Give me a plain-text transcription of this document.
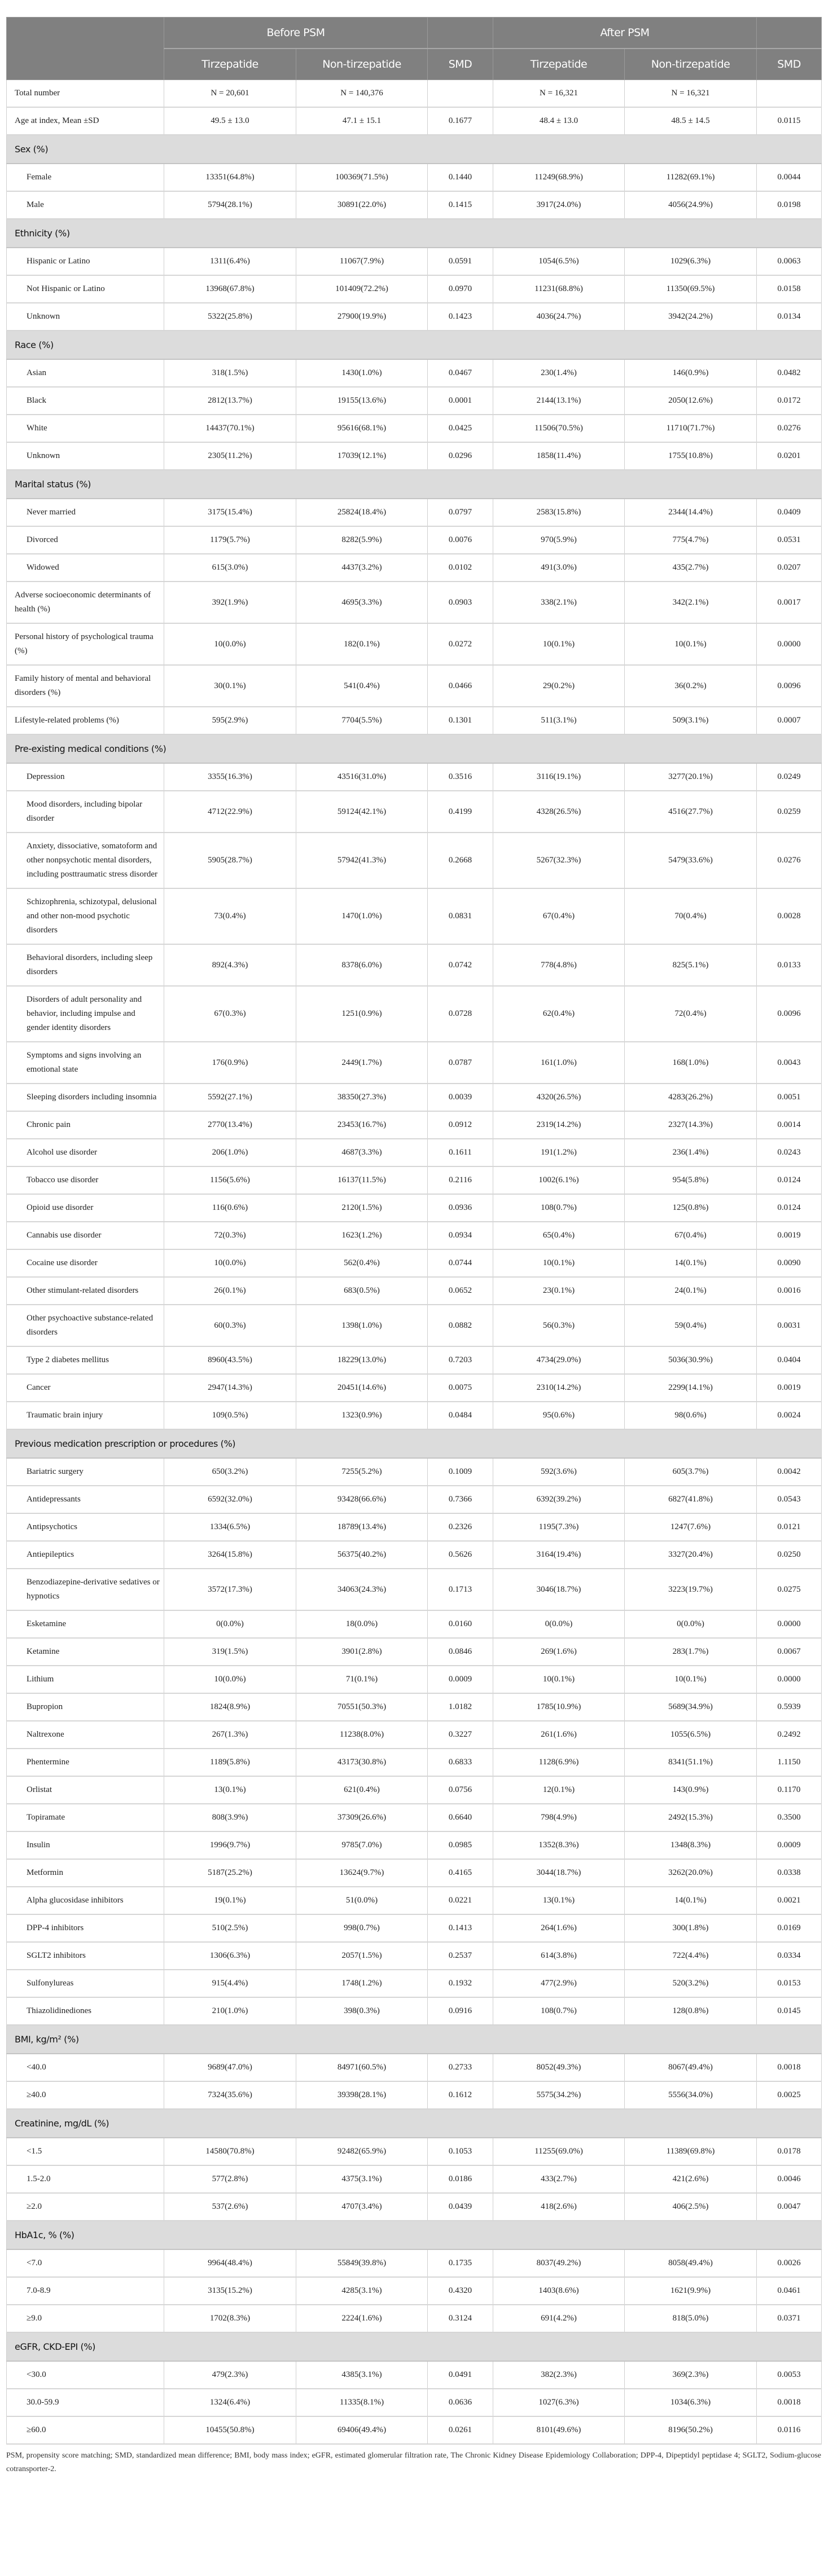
	Before PSM			After PSM		
	Tirzepatide	Non-tirzepatide	SMD	Tirzepatide	Non-tirzepatide	SMD
Total number	N = 20,601	N = 140,376		N = 16,321	N = 16,321	
Age at index, Mean ±SD	49.5 ± 13.0	47.1 ± 15.1	0.1677	48.4 ± 13.0	48.5 ± 14.5	0.0115
Sex (%)						
Female	13351(64.8%)	100369(71.5%)	0.1440	11249(68.9%)	11282(69.1%)	0.0044
Male	5794(28.1%)	30891(22.0%)	0.1415	3917(24.0%)	4056(24.9%)	0.0198
Ethnicity (%)						
Hispanic or Latino	1311(6.4%)	11067(7.9%)	0.0591	1054(6.5%)	1029(6.3%)	0.0063
Not Hispanic or Latino	13968(67.8%)	101409(72.2%)	0.0970	11231(68.8%)	11350(69.5%)	0.0158
Unknown	5322(25.8%)	27900(19.9%)	0.1423	4036(24.7%)	3942(24.2%)	0.0134
Race (%)						
Asian	318(1.5%)	1430(1.0%)	0.0467	230(1.4%)	146(0.9%)	0.0482
Black	2812(13.7%)	19155(13.6%)	0.0001	2144(13.1%)	2050(12.6%)	0.0172
White	14437(70.1%)	95616(68.1%)	0.0425	11506(70.5%)	11710(71.7%)	0.0276
Unknown	2305(11.2%)	17039(12.1%)	0.0296	1858(11.4%)	1755(10.8%)	0.0201
Marital status (%)						
Never married	3175(15.4%)	25824(18.4%)	0.0797	2583(15.8%)	2344(14.4%)	0.0409
Divorced	1179(5.7%)	8282(5.9%)	0.0076	970(5.9%)	775(4.7%)	0.0531
Widowed	615(3.0%)	4437(3.2%)	0.0102	491(3.0%)	435(2.7%)	0.0207
Adverse socioeconomic determinants of health (%)	392(1.9%)	4695(3.3%)	0.0903	338(2.1%)	342(2.1%)	0.0017
Personal history of psychological trauma (%)	10(0.0%)	182(0.1%)	0.0272	10(0.1%)	10(0.1%)	0.0000
Family history of mental and behavioral disorders (%)	30(0.1%)	541(0.4%)	0.0466	29(0.2%)	36(0.2%)	0.0096
Lifestyle-related problems (%)	595(2.9%)	7704(5.5%)	0.1301	511(3.1%)	509(3.1%)	0.0007
Pre-existing medical conditions (%)						
Depression	3355(16.3%)	43516(31.0%)	0.3516	3116(19.1%)	3277(20.1%)	0.0249
Mood disorders, including bipolar disorder	4712(22.9%)	59124(42.1%)	0.4199	4328(26.5%)	4516(27.7%)	0.0259
Anxiety, dissociative, somatoform and other nonpsychotic mental disorders, including posttraumatic stress disorder	5905(28.7%)	57942(41.3%)	0.2668	5267(32.3%)	5479(33.6%)	0.0276
Schizophrenia, schizotypal, delusional and other non-mood psychotic disorders	73(0.4%)	1470(1.0%)	0.0831	67(0.4%)	70(0.4%)	0.0028
Behavioral disorders, including sleep disorders	892(4.3%)	8378(6.0%)	0.0742	778(4.8%)	825(5.1%)	0.0133
Disorders of adult personality and behavior, including impulse and gender identity disorders	67(0.3%)	1251(0.9%)	0.0728	62(0.4%)	72(0.4%)	0.0096
Symptoms and signs involving an emotional state	176(0.9%)	2449(1.7%)	0.0787	161(1.0%)	168(1.0%)	0.0043
Sleeping disorders including insomnia	5592(27.1%)	38350(27.3%)	0.0039	4320(26.5%)	4283(26.2%)	0.0051
Chronic pain	2770(13.4%)	23453(16.7%)	0.0912	2319(14.2%)	2327(14.3%)	0.0014
Alcohol use disorder	206(1.0%)	4687(3.3%)	0.1611	191(1.2%)	236(1.4%)	0.0243
Tobacco use disorder	1156(5.6%)	16137(11.5%)	0.2116	1002(6.1%)	954(5.8%)	0.0124
Opioid use disorder	116(0.6%)	2120(1.5%)	0.0936	108(0.7%)	125(0.8%)	0.0124
Cannabis use disorder	72(0.3%)	1623(1.2%)	0.0934	65(0.4%)	67(0.4%)	0.0019
Cocaine use disorder	10(0.0%)	562(0.4%)	0.0744	10(0.1%)	14(0.1%)	0.0090
Other stimulant-related disorders	26(0.1%)	683(0.5%)	0.0652	23(0.1%)	24(0.1%)	0.0016
Other psychoactive substance-related disorders	60(0.3%)	1398(1.0%)	0.0882	56(0.3%)	59(0.4%)	0.0031
Type 2 diabetes mellitus	8960(43.5%)	18229(13.0%)	0.7203	4734(29.0%)	5036(30.9%)	0.0404
Cancer	2947(14.3%)	20451(14.6%)	0.0075	2310(14.2%)	2299(14.1%)	0.0019
Traumatic brain injury	109(0.5%)	1323(0.9%)	0.0484	95(0.6%)	98(0.6%)	0.0024
Previous medication prescription or procedures (%)						
Bariatric surgery	650(3.2%)	7255(5.2%)	0.1009	592(3.6%)	605(3.7%)	0.0042
Antidepressants	6592(32.0%)	93428(66.6%)	0.7366	6392(39.2%)	6827(41.8%)	0.0543
Antipsychotics	1334(6.5%)	18789(13.4%)	0.2326	1195(7.3%)	1247(7.6%)	0.0121
Antiepileptics	3264(15.8%)	56375(40.2%)	0.5626	3164(19.4%)	3327(20.4%)	0.0250
Benzodiazepine-derivative sedatives or hypnotics	3572(17.3%)	34063(24.3%)	0.1713	3046(18.7%)	3223(19.7%)	0.0275
Esketamine	0(0.0%)	18(0.0%)	0.0160	0(0.0%)	0(0.0%)	0.0000
Ketamine	319(1.5%)	3901(2.8%)	0.0846	269(1.6%)	283(1.7%)	0.0067
Lithium	10(0.0%)	71(0.1%)	0.0009	10(0.1%)	10(0.1%)	0.0000
Bupropion	1824(8.9%)	70551(50.3%)	1.0182	1785(10.9%)	5689(34.9%)	0.5939
Naltrexone	267(1.3%)	11238(8.0%)	0.3227	261(1.6%)	1055(6.5%)	0.2492
Phentermine	1189(5.8%)	43173(30.8%)	0.6833	1128(6.9%)	8341(51.1%)	1.1150
Orlistat	13(0.1%)	621(0.4%)	0.0756	12(0.1%)	143(0.9%)	0.1170
Topiramate	808(3.9%)	37309(26.6%)	0.6640	798(4.9%)	2492(15.3%)	0.3500
Insulin	1996(9.7%)	9785(7.0%)	0.0985	1352(8.3%)	1348(8.3%)	0.0009
Metformin	5187(25.2%)	13624(9.7%)	0.4165	3044(18.7%)	3262(20.0%)	0.0338
Alpha glucosidase inhibitors	19(0.1%)	51(0.0%)	0.0221	13(0.1%)	14(0.1%)	0.0021
DPP-4 inhibitors	510(2.5%)	998(0.7%)	0.1413	264(1.6%)	300(1.8%)	0.0169
SGLT2 inhibitors	1306(6.3%)	2057(1.5%)	0.2537	614(3.8%)	722(4.4%)	0.0334
Sulfonylureas	915(4.4%)	1748(1.2%)	0.1932	477(2.9%)	520(3.2%)	0.0153
Thiazolidinediones	210(1.0%)	398(0.3%)	0.0916	108(0.7%)	128(0.8%)	0.0145
BMI, kg/m² (%)						
<40.0	9689(47.0%)	84971(60.5%)	0.2733	8052(49.3%)	8067(49.4%)	0.0018
≥40.0	7324(35.6%)	39398(28.1%)	0.1612	5575(34.2%)	5556(34.0%)	0.0025
Creatinine, mg/dL (%)						
<1.5	14580(70.8%)	92482(65.9%)	0.1053	11255(69.0%)	11389(69.8%)	0.0178
1.5-2.0	577(2.8%)	4375(3.1%)	0.0186	433(2.7%)	421(2.6%)	0.0046
≥2.0	537(2.6%)	4707(3.4%)	0.0439	418(2.6%)	406(2.5%)	0.0047
HbA1c, % (%)						
<7.0	9964(48.4%)	55849(39.8%)	0.1735	8037(49.2%)	8058(49.4%)	0.0026
7.0-8.9	3135(15.2%)	4285(3.1%)	0.4320	1403(8.6%)	1621(9.9%)	0.0461
≥9.0	1702(8.3%)	2224(1.6%)	0.3124	691(4.2%)	818(5.0%)	0.0371
eGFR, CKD-EPI (%)						
<30.0	479(2.3%)	4385(3.1%)	0.0491	382(2.3%)	369(2.3%)	0.0053
30.0-59.9	1324(6.4%)	11335(8.1%)	0.0636	1027(6.3%)	1034(6.3%)	0.0018
≥60.0	10455(50.8%)	69406(49.4%)	0.0261	8101(49.6%)	8196(50.2%)	0.0116
PSM, propensity score matching; SMD, standardized mean difference; BMI, body mass index; eGFR, estimated glomerular filtration rate, The Chronic Kidney Disease Epidemiology Collaboration; DPP-4, Dipeptidyl peptidase 4; SGLT2, Sodium-glucose cotransporter-2.
